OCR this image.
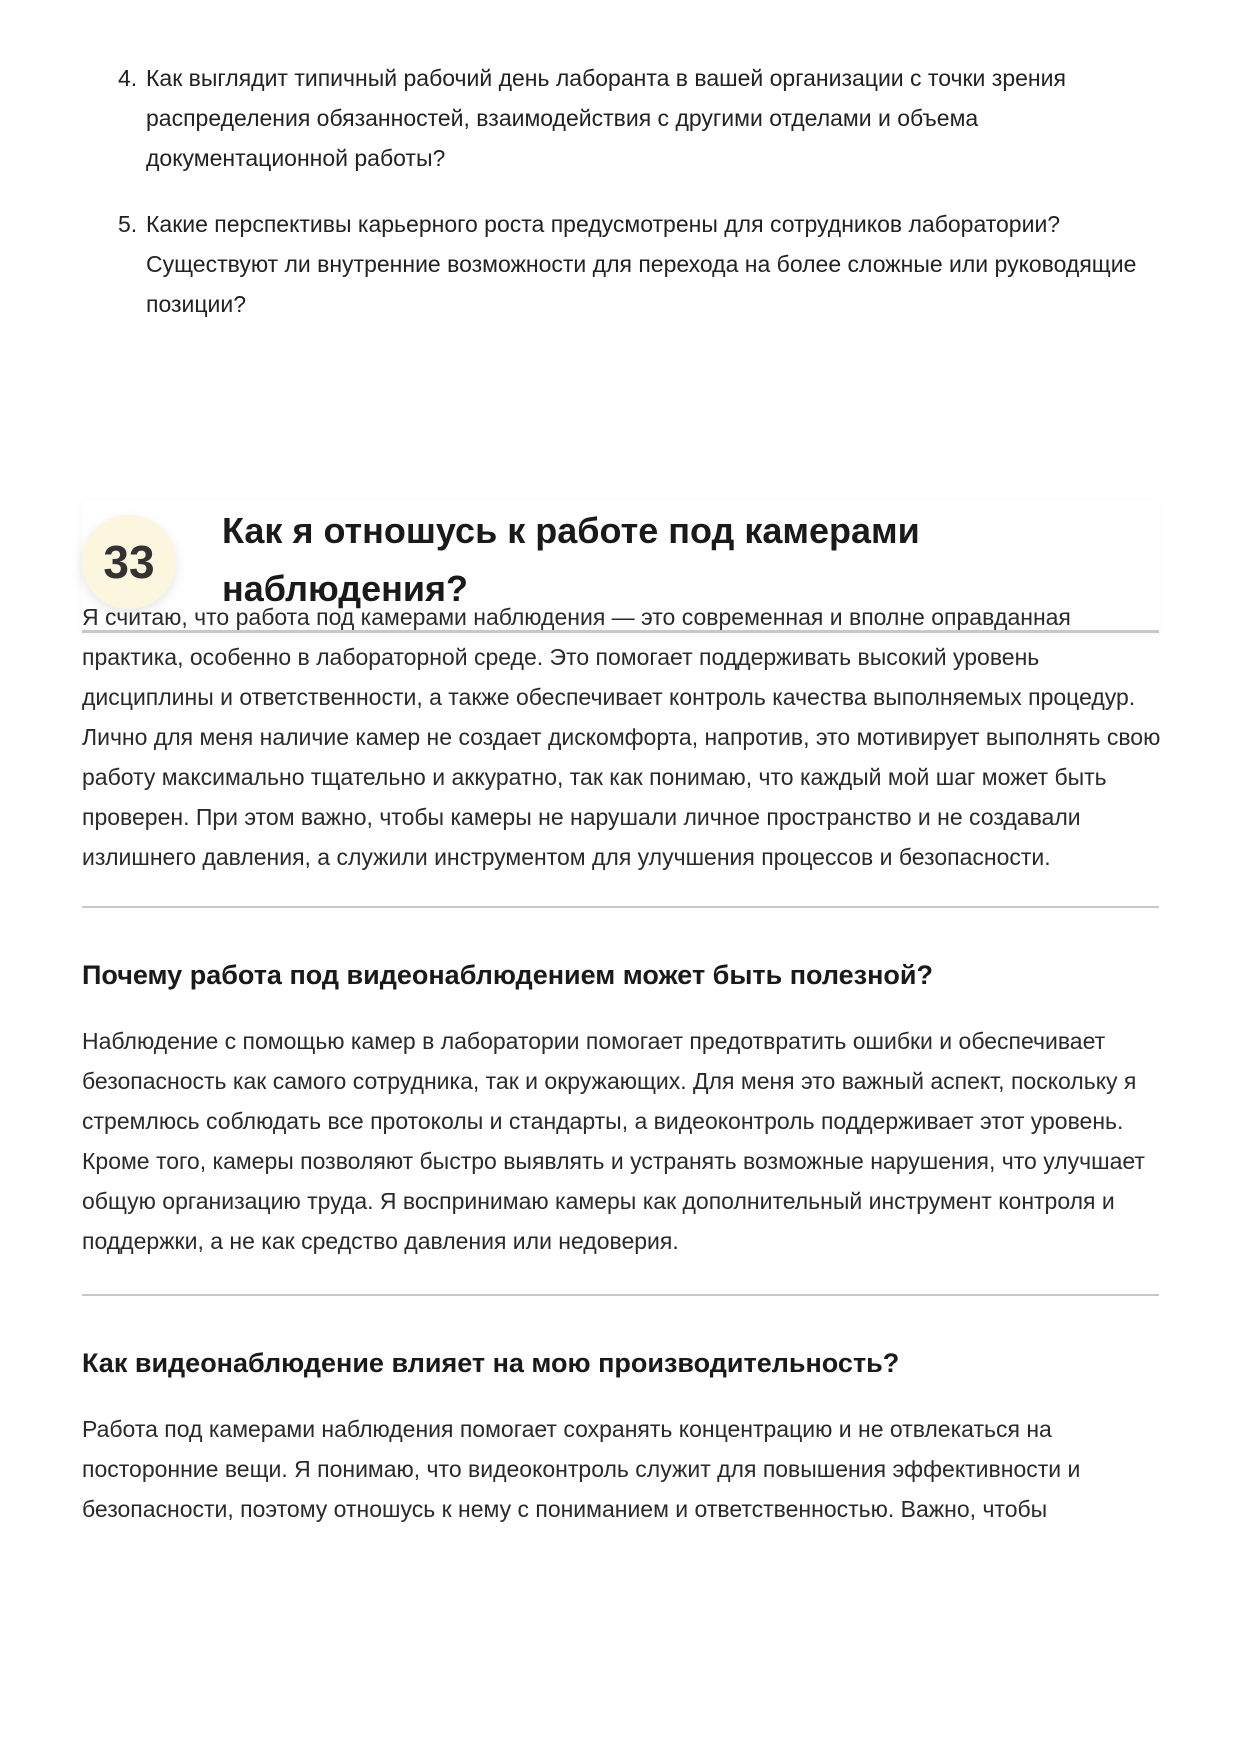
4. Как выглядит типичный рабочий день лаборанта в вашей организации с точки зрения распределения обязанностей, взаимодействия с другими отделами и объема документационной работы?
5. Какие перспективы карьерного роста предусмотрены для сотрудников лаборатории? Существуют ли внутренние возможности для перехода на более сложные или руководящие позиции?
33
Как я отношусь к работе под камерами наблюдения?

Я считаю, что работа под камерами наблюдения — это современная и вполне оправданная практика, особенно в лабораторной среде. Это помогает поддерживать высокий уровень дисциплины и ответственности, а также обеспечивает контроль качества выполняемых процедур. Лично для меня наличие камер не создает дискомфорта, напротив, это мотивирует выполнять свою работу максимально тщательно и аккуратно, так как понимаю, что каждый мой шаг может быть проверен. При этом важно, чтобы камеры не нарушали личное пространство и не создавали излишнего давления, а служили инструментом для улучшения процессов и безопасности.

Почему работа под видеонаблюдением может быть полезной?

Наблюдение с помощью камер в лаборатории помогает предотвратить ошибки и обеспечивает безопасность как самого сотрудника, так и окружающих. Для меня это важный аспект, поскольку я стремлюсь соблюдать все протоколы и стандарты, а видеоконтроль поддерживает этот уровень. Кроме того, камеры позволяют быстро выявлять и устранять возможные нарушения, что улучшает общую организацию труда. Я воспринимаю камеры как дополнительный инструмент контроля и поддержки, а не как средство давления или недоверия.

Как видеонаблюдение влияет на мою производительность?

Работа под камерами наблюдения помогает сохранять концентрацию и не отвлекаться на посторонние вещи. Я понимаю, что видеоконтроль служит для повышения эффективности и безопасности, поэтому отношусь к нему с пониманием и ответственностью. Важно, чтобы
